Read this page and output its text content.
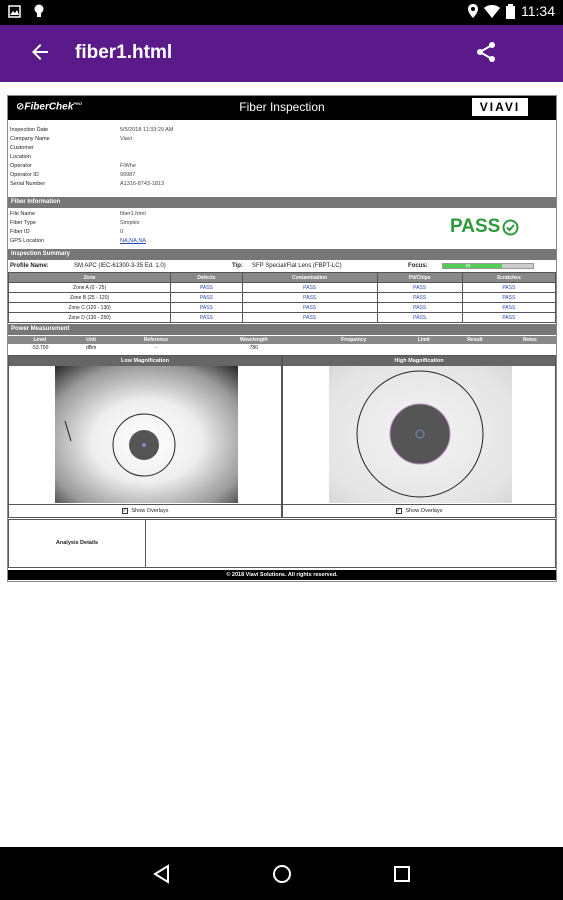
11:34
fiber1.html
⊘FiberChek$^{PRO}$	Fiber Inspection	VIAVI
Inspection Date	5/5/2018 11:33:29 AM
Company Name	Viavi
Customer
Location
Operator	FiWhe
Operator ID	99987
Serial Number	A1316-8743-1813
Fiber Information
File Name	fiber1.html
Fiber Type	Simplex
Fiber ID	0
GPS Location	NA,NA,NA
PASS
Inspection Summary
Profile Name:	SM APC (IEC-61300-3-35 Ed. 1.0)	Tip: SFP Special/Flat Lens (FBPT-LC)	Focus:	65
Zone	Defects	Contamination	Pit/Chips	Scratches
Zone A (0 - 25)	PASS	PASS	PASS	PASS
Zone B (25 - 120)	PASS	PASS	PASS	PASS
Zone C (120 - 130)	PASS	PASS	PASS	PASS
Zone D (130 - 250)	PASS	PASS	PASS	PASS
Power Measurement
Level	Unit	Reference	Wavelength	Frequency	Limit	Result	Notes
-53.700	dBm	-	780				
Low Magnification
✓ Show Overlays
High Magnification
✓ Show Overlays
Analysis Details
© 2018 Viavi Solutions. All rights reserved.
